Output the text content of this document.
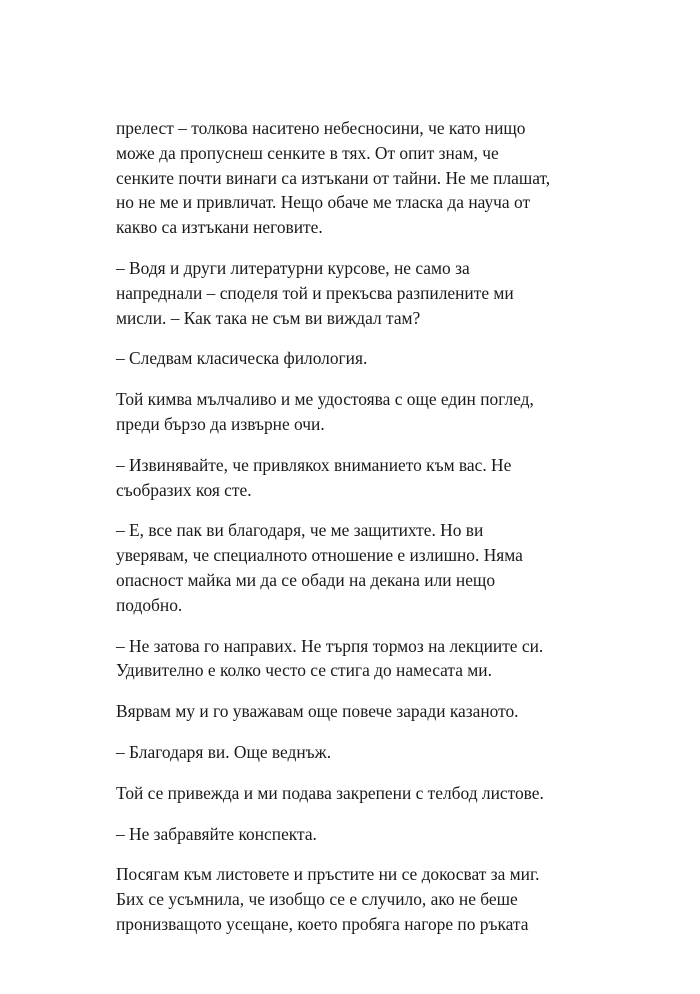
прелест – толкова наситено небесносини, че като нищо
може да пропуснеш сенките в тях. От опит знам, че
сенките почти винаги са изтъкани от тайни. Не ме плашат,
но не ме и привличат. Нещо обаче ме тласка да науча от
какво са изтъкани неговите.

– Водя и други литературни курсове, не само за
напреднали – споделя той и прекъсва разпилените ми
мисли. – Как така не съм ви виждал там?

– Следвам класическа филология.

Той кимва мълчаливо и ме удостоява с още един поглед,
преди бързо да извърне очи.

– Извинявайте, че привлякох вниманието към вас. Не
съобразих коя сте.

– Е, все пак ви благодаря, че ме защитихте. Но ви
уверявам, че специалното отношение е излишно. Няма
опасност майка ми да се обади на декана или нещо
подобно.

– Не затова го направих. Не търпя тормоз на лекциите си.
Удивително е колко често се стига до намесата ми.

Вярвам му и го уважавам още повече заради казаното.

– Благодаря ви. Още веднъж.

Той се привежда и ми подава закрепени с телбод листове.

– Не забравяйте конспекта.

Посягам към листовете и пръстите ни се докосват за миг.
Бих се усъмнила, че изобщо се е случило, ако не беше
пронизващото усещане, което пробяга нагоре по ръката
